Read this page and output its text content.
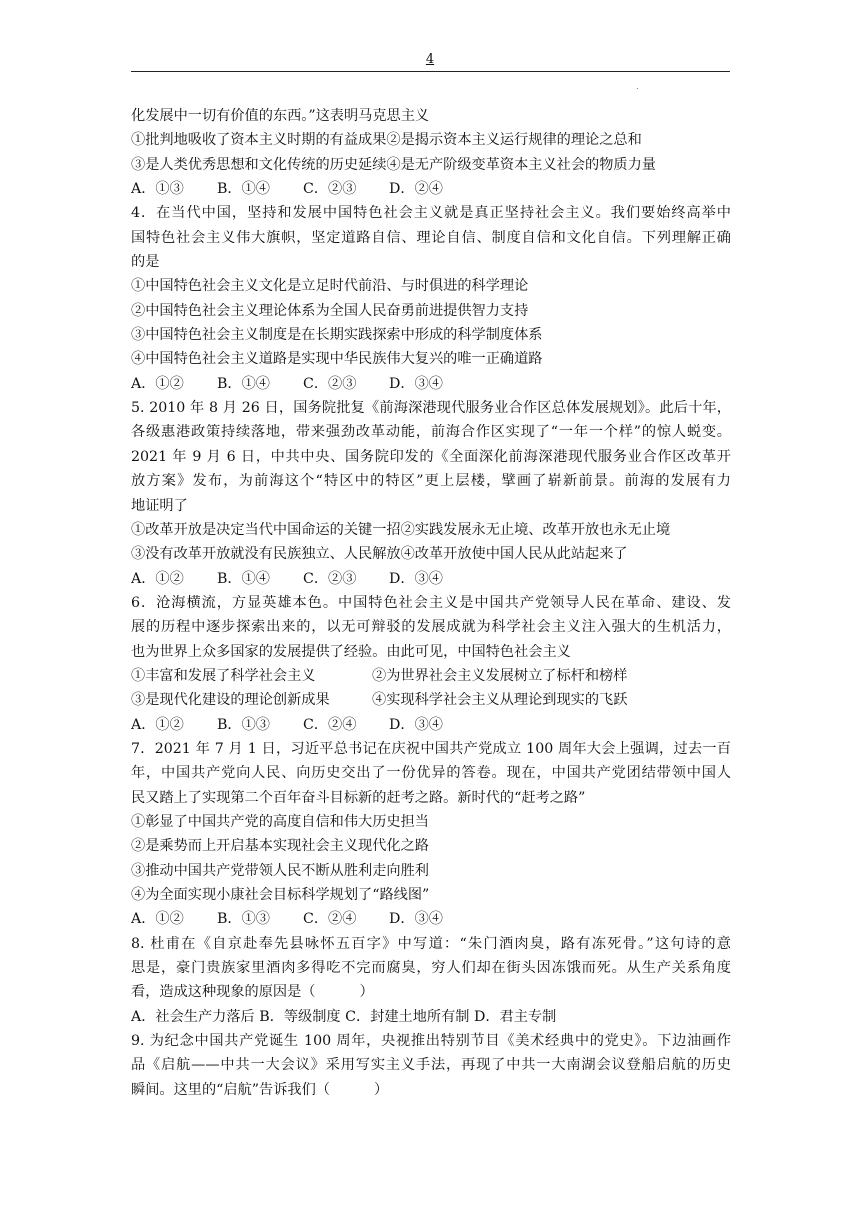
4
.
化发展中一切有价值的东西。”这表明马克思主义
①批判地吸收了资本主义时期的有益成果②是揭示资本主义运行规律的理论之总和
③是人类优秀思想和文化传统的历史延续④是无产阶级变革资本主义社会的物质力量
A．①③	B．①④	C．②③	D．②④
4．在当代中国，坚持和发展中国特色社会主义就是真正坚持社会主义。我们要始终高举中
国特色社会主义伟大旗帜，坚定道路自信、理论自信、制度自信和文化自信。下列理解正确
的是
①中国特色社会主义文化是立足时代前沿、与时俱进的科学理论
②中国特色社会主义理论体系为全国人民奋勇前进提供智力支持
③中国特色社会主义制度是在长期实践探索中形成的科学制度体系
④中国特色社会主义道路是实现中华民族伟大复兴的唯一正确道路
A．①②	B．①④	C．②③	D．③④
5. 2010 年 8 月 26 日，国务院批复《前海深港现代服务业合作区总体发展规划》。此后十年，
各级惠港政策持续落地，带来强劲改革动能，前海合作区实现了“一年一个样”的惊人蜕变。
2021 年 9 月 6 日，中共中央、国务院印发的《全面深化前海深港现代服务业合作区改革开
放方案》发布，为前海这个“特区中的特区”更上层楼，擘画了崭新前景。前海的发展有力
地证明了
①改革开放是决定当代中国命运的关键一招②实践发展永无止境、改革开放也永无止境
③没有改革开放就没有民族独立、人民解放④改革开放使中国人民从此站起来了
A．①②	B．①④	C．②③	D．③④
6．沧海横流，方显英雄本色。中国特色社会主义是中国共产党领导人民在革命、建设、发
展的历程中逐步探索出来的，以无可辩驳的发展成就为科学社会主义注入强大的生机活力，
也为世界上众多国家的发展提供了经验。由此可见，中国特色社会主义
①丰富和发展了科学社会主义	②为世界社会主义发展树立了标杆和榜样
③是现代化建设的理论创新成果	④实现科学社会主义从理论到现实的飞跃
A．①②	B．①③	C．②④	D．③④
7．2021 年 7 月 1 日，习近平总书记在庆祝中国共产党成立 100 周年大会上强调，过去一百
年，中国共产党向人民、向历史交出了一份优异的答卷。现在，中国共产党团结带领中国人
民又踏上了实现第二个百年奋斗目标新的赶考之路。新时代的“赶考之路”
①彰显了中国共产党的高度自信和伟大历史担当
②是乘势而上开启基本实现社会主义现代化之路
③推动中国共产党带领人民不断从胜利走向胜利
④为全面实现小康社会目标科学规划了“路线图”
A．①②	B．①③	C．②④	D．③④
8. 杜甫在《自京赴奉先县咏怀五百字》中写道：“朱门酒肉臭，路有冻死骨。”这句诗的意
思是，豪门贵族家里酒肉多得吃不完而腐臭，穷人们却在街头因冻饿而死。从生产关系角度
看，造成这种现象的原因是（	）
A．社会生产力落后 B．等级制度 C．封建土地所有制 D．君主专制
9. 为纪念中国共产党诞生 100 周年，央视推出特别节目《美术经典中的党史》。下边油画作
品《启航——中共一大会议》采用写实主义手法，再现了中共一大南湖会议登船启航的历史
瞬间。这里的“启航”告诉我们（	）
